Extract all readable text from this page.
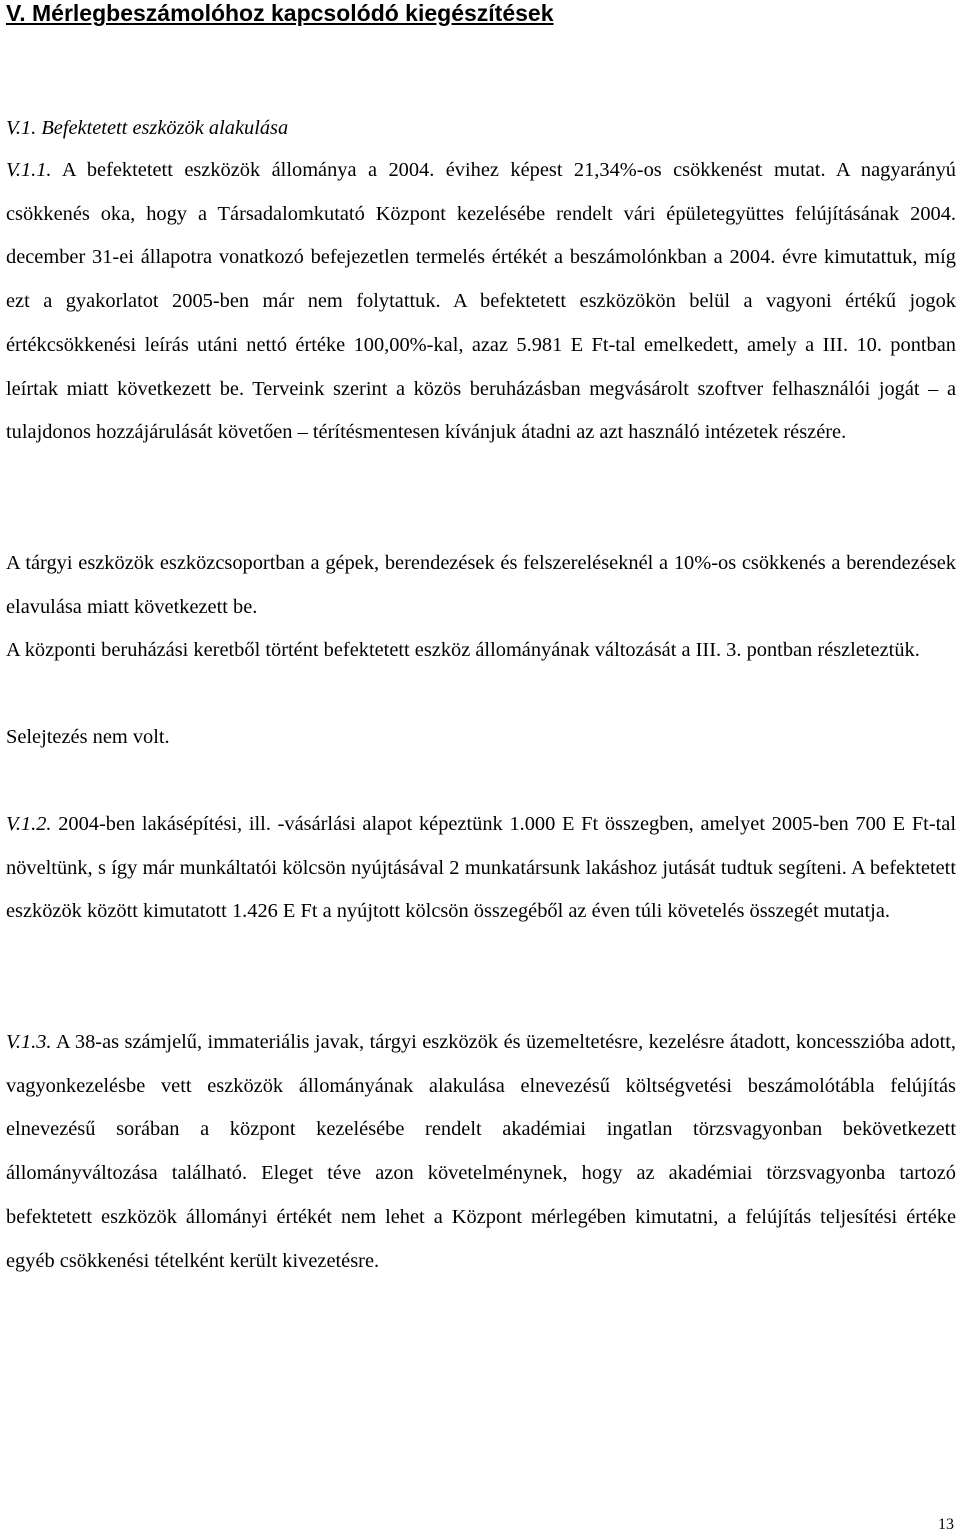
V. Mérlegbeszámolóhoz kapcsolódó kiegészítések
V.1. Befektetett eszközök alakulása

V.1.1. A befektetett eszközök állománya a 2004. évihez képest 21,34%-os csökkenést mutat. A nagyarányú csökkenés oka, hogy a Társadalomkutató Központ kezelésébe rendelt vári épületegyüttes felújításának 2004. december 31-ei állapotra vonatkozó befejezetlen termelés értékét a beszámolónkban a 2004. évre kimutattuk, míg ezt a gyakorlatot 2005-ben már nem folytattuk. A befektetett eszközökön belül a vagyoni értékű jogok értékcsökkenési leírás utáni nettó értéke 100,00%-kal, azaz 5.981 E Ft-tal emelkedett, amely a III. 10. pontban leírtak miatt következett be. Terveink szerint a közös beruházásban megvásárolt szoftver felhasználói jogát – a tulajdonos hozzájárulását követően – térítésmentesen kívánjuk átadni az azt használó intézetek részére.

A tárgyi eszközök eszközcsoportban a gépek, berendezések és felszereléseknél a 10%-os csökkenés a berendezések elavulása miatt következett be.

A központi beruházási keretből történt befektetett eszköz állományának változását a III. 3. pontban részleteztük.

Selejtezés nem volt.

V.1.2. 2004-ben lakásépítési, ill. -vásárlási alapot képeztünk 1.000 E Ft összegben, amelyet 2005-ben 700 E Ft-tal növeltünk, s így már munkáltatói kölcsön nyújtásával 2 munkatársunk lakáshoz jutását tudtuk segíteni. A befektetett eszközök között kimutatott 1.426 E Ft a nyújtott kölcsön összegéből az éven túli követelés összegét mutatja.

V.1.3. A 38-as számjelű, immateriális javak, tárgyi eszközök és üzemeltetésre, kezelésre átadott, koncesszióba adott, vagyonkezelésbe vett eszközök állományának alakulása elnevezésű költségvetési beszámolótábla felújítás elnevezésű sorában a központ kezelésébe rendelt akadémiai ingatlan törzsvagyonban bekövetkezett állományváltozása található. Eleget téve azon követelménynek, hogy az akadémiai törzsvagyonba tartozó befektetett eszközök állományi értékét nem lehet a Központ mérlegében kimutatni, a felújítás teljesítési értéke egyéb csökkenési tételként került kivezetésre.

13
